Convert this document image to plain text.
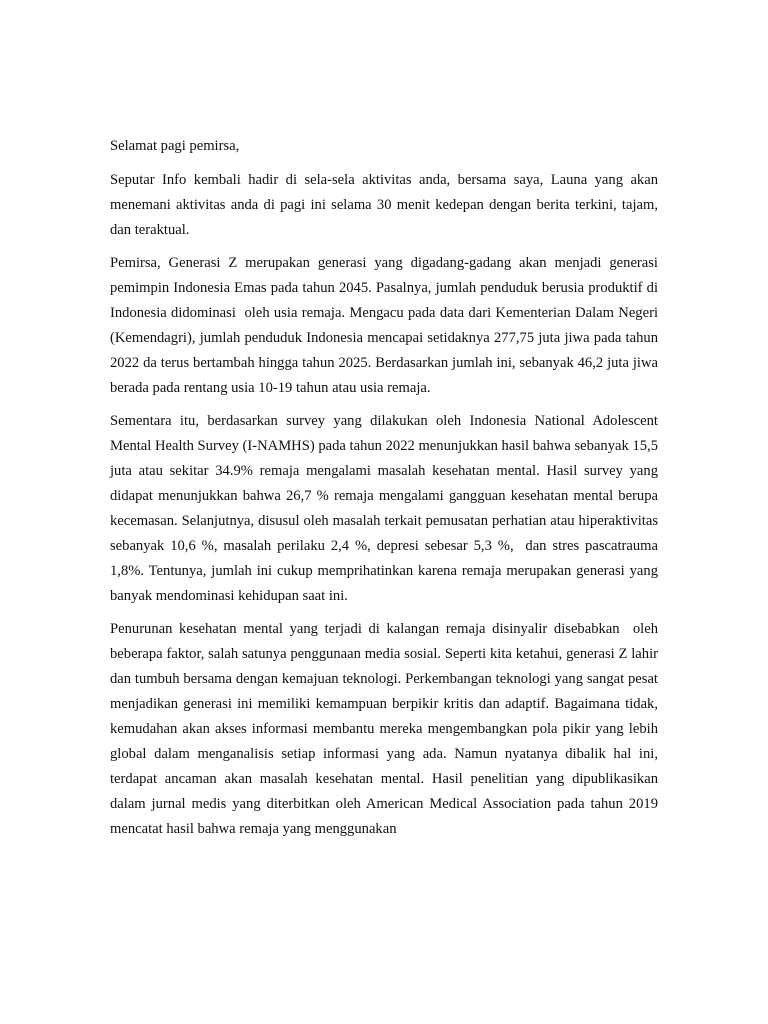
Selamat pagi pemirsa,

Seputar Info kembali hadir di sela-sela aktivitas anda, bersama saya, Launa yang akan menemani aktivitas anda di pagi ini selama 30 menit kedepan dengan berita terkini, tajam, dan teraktual.

Pemirsa, Generasi Z merupakan generasi yang digadang-gadang akan menjadi generasi pemimpin Indonesia Emas pada tahun 2045. Pasalnya, jumlah penduduk berusia produktif di Indonesia didominasi  oleh usia remaja. Mengacu pada data dari Kementerian Dalam Negeri (Kemendagri), jumlah penduduk Indonesia mencapai setidaknya 277,75 juta jiwa pada tahun 2022 da terus bertambah hingga tahun 2025. Berdasarkan jumlah ini, sebanyak 46,2 juta jiwa berada pada rentang usia 10-19 tahun atau usia remaja.

Sementara itu, berdasarkan survey yang dilakukan oleh Indonesia National Adolescent Mental Health Survey (I-NAMHS) pada tahun 2022 menunjukkan hasil bahwa sebanyak 15,5 juta atau sekitar 34.9% remaja mengalami masalah kesehatan mental. Hasil survey yang didapat menunjukkan bahwa 26,7 % remaja mengalami gangguan kesehatan mental berupa kecemasan. Selanjutnya, disusul oleh masalah terkait pemusatan perhatian atau hiperaktivitas sebanyak 10,6 %, masalah perilaku 2,4 %, depresi sebesar 5,3 %,  dan stres pascatrauma 1,8%. Tentunya, jumlah ini cukup memprihatinkan karena remaja merupakan generasi yang banyak mendominasi kehidupan saat ini.

Penurunan kesehatan mental yang terjadi di kalangan remaja disinyalir disebabkan  oleh beberapa faktor, salah satunya penggunaan media sosial. Seperti kita ketahui, generasi Z lahir dan tumbuh bersama dengan kemajuan teknologi. Perkembangan teknologi yang sangat pesat menjadikan generasi ini memiliki kemampuan berpikir kritis dan adaptif. Bagaimana tidak, kemudahan akan akses informasi membantu mereka mengembangkan pola pikir yang lebih global dalam menganalisis setiap informasi yang ada. Namun nyatanya dibalik hal ini, terdapat ancaman akan masalah kesehatan mental. Hasil penelitian yang dipublikasikan dalam jurnal medis yang diterbitkan oleh American Medical Association pada tahun 2019 mencatat hasil bahwa remaja yang menggunakan
